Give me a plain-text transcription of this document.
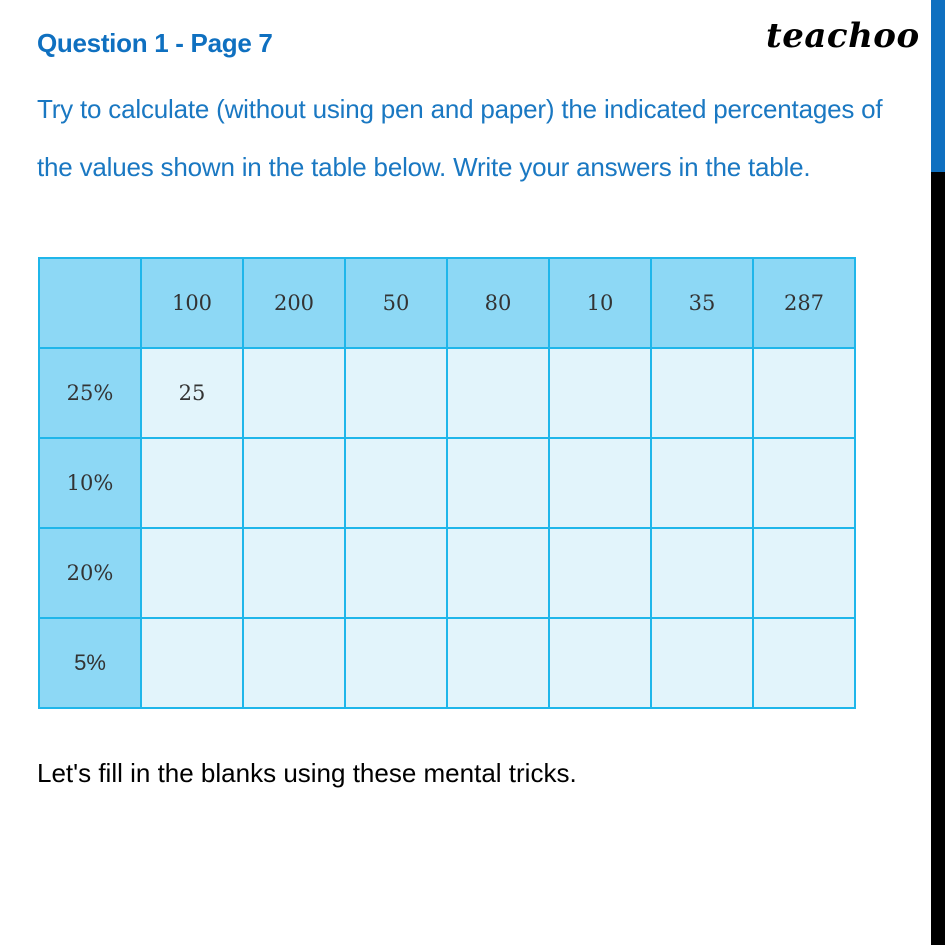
Question 1 - Page 7	teachoo
Try to calculate (without using pen and paper) the indicated percentages of the values shown in the table below. Write your answers in the table.
	100	200	50	80	10	35	287
25%	25						
10%							
20%							
5%							
Let's fill in the blanks using these mental tricks.
